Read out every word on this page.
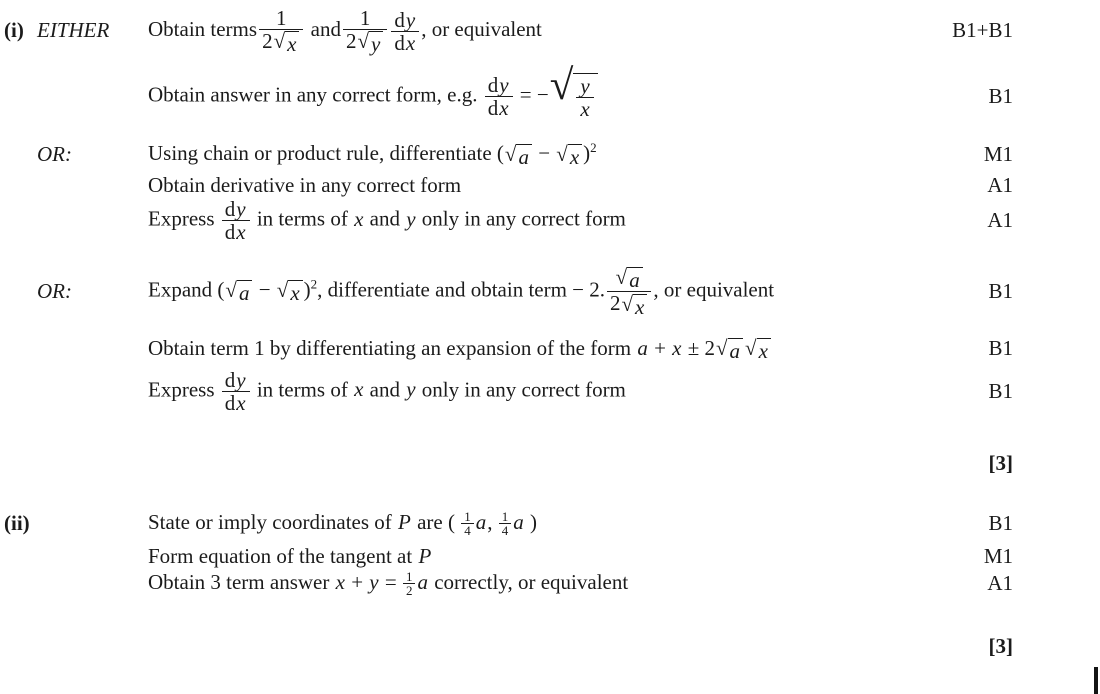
(i) EITHER	Obtain terms $\frac{1}{2 √ x}$ and $\frac{1}{2 √ y} \frac{dy}{dx}$ , or equivalent	B1+B1
Obtain answer in any correct form, e.g. $\frac{dy}{dx}$ = − √ $\frac{y}{x}$	B1
OR:	Using chain or product rule, differentiate ( √ a − √ x )$^2$	M1
Obtain derivative in any correct form	A1
Express $\frac{dy}{dx}$ in terms of x and y only in any correct form	A1
OR:	Expand ( √ a − √ x )$^2$, differentiate and obtain term − 2. $\frac{√ a}{2 √ x}$ , or equivalent	B1
Obtain term 1 by differentiating an expansion of the form a + x ± 2 √ a √ x	B1
Express $\frac{dy}{dx}$ in terms of x and y only in any correct form	B1
[3]
(ii)	State or imply coordinates of P are ( $\frac{1}{4} a$, $\frac{1}{4}$ a )	B1
Form equation of the tangent at P	M1
Obtain 3 term answer $x + y = \frac{1}{2}$ a correctly, or equivalent	A1
[3]
